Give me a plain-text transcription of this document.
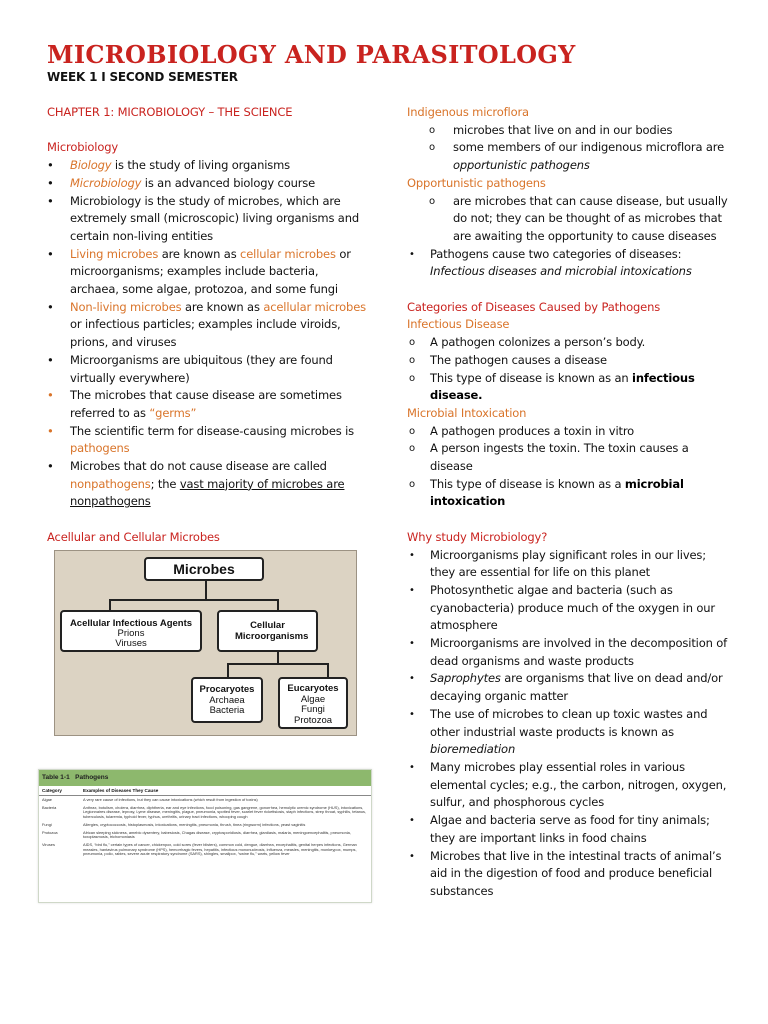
MICROBIOLOGY AND PARASITOLOGY
WEEK 1 I SECOND SEMESTER

CHAPTER 1: MICROBIOLOGY – THE SCIENCE

Microbiology

• Biology is the study of living organisms

• Microbiology is an advanced biology course

• Microbiology is the study of microbes, which are extremely small (microscopic) living organisms and certain non-living entities

• Living microbes are known as cellular microbes or microorganisms; examples include bacteria, archaea, some algae, protozoa, and some fungi

• Non-living microbes are known as acellular microbes or infectious particles; examples include viroids, prions, and viruses

• Microorganisms are ubiquitous (they are found virtually everywhere)

• The microbes that cause disease are sometimes referred to as “germs”

• The scientific term for disease-causing microbes is pathogens

• Microbes that do not cause disease are called nonpathogens; the vast majority of microbes are nonpathogens

Acellular and Cellular Microbes

Microbes
Acellular Infectious Agents
Prions
Viruses
Cellular Microorganisms
Procaryotes
Archaea
Bacteria
Eucaryotes
Algae
Fungi
Protozoa
Table 1-1 Pathogens
Category	Examples of Diseases They Cause
Algae	A very rare cause of infections, but they can cause intoxications (which result from ingestion of toxins)
Bacteria	Anthrax, botulism, cholera, diarrhea, diphtheria, ear and eye infections, food poisoning, gas gangrene, gonorrhea, hemolytic uremic syndrome (HUS), intoxications, Legionnaires disease, leprosy, Lyme disease, meningitis, plague, pneumonia, spotted fever, scarlet fever rickettsiosis, staph infections, strep throat, syphilis, tetanus, tuberculosis, tularemia, typhoid fever, typhus, urethritis, urinary tract infections, whooping cough
Fungi	Allergies, cryptococcosis, histoplasmosis, intoxications, meningitis, pneumonia, thrush, tinea (ringworm) infections, yeast vaginitis
Protozoa	African sleeping sickness, amebic dysentery, babesiosis, Chagas disease, cryptosporidiosis, diarrhea, giardiasis, malaria, meningoencephalitis, pneumonia, toxoplasmosis, trichomoniasis
Viruses	AIDS, “bird flu,” certain types of cancer, chickenpox, cold sores (fever blisters), common cold, dengue, diarrhea, encephalitis, genital herpes infections, German measles, hantavirus pulmonary syndrome (HPS), hemorrhagic fevers, hepatitis, infectious mononucleosis, influenza, measles, meningitis, monkeypox, mumps, pneumonia, polio, rabies, severe acute respiratory syndrome (SARS), shingles, smallpox, “swine flu,” warts, yellow fever

Indigenous microflora

o microbes that live on and in our bodies

o some members of our indigenous microflora are opportunistic pathogens

Opportunistic pathogens

o are microbes that can cause disease, but usually do not; they can be thought of as microbes that are awaiting the opportunity to cause diseases

• Pathogens cause two categories of diseases: Infectious diseases and microbial intoxications

Categories of Diseases Caused by Pathogens

Infectious Disease

o A pathogen colonizes a person’s body.

o The pathogen causes a disease

o This type of disease is known as an infectious disease.

Microbial Intoxication

o A pathogen produces a toxin in vitro

o A person ingests the toxin. The toxin causes a disease

o This type of disease is known as a microbial intoxication

Why study Microbiology?

• Microorganisms play significant roles in our lives; they are essential for life on this planet

• Photosynthetic algae and bacteria (such as cyanobacteria) produce much of the oxygen in our atmosphere

• Microorganisms are involved in the decomposition of dead organisms and waste products

• Saprophytes are organisms that live on dead and/or decaying organic matter

• The use of microbes to clean up toxic wastes and other industrial waste products is known as bioremediation

• Many microbes play essential roles in various elemental cycles; e.g., the carbon, nitrogen, oxygen, sulfur, and phosphorous cycles

• Algae and bacteria serve as food for tiny animals; they are important links in food chains

• Microbes that live in the intestinal tracts of animal’s aid in the digestion of food and produce beneficial substances
